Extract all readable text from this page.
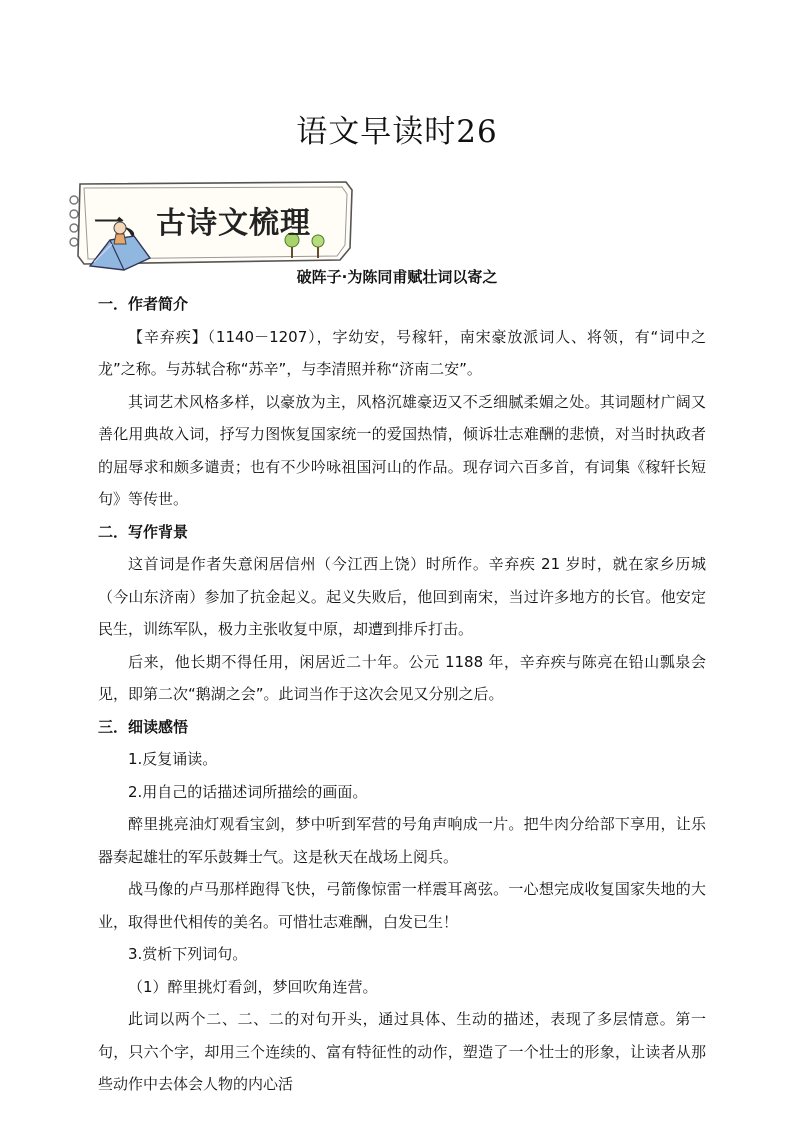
语文早读时26
一、古诗文梳理
破阵子·为陈同甫赋壮词以寄之

一．作者简介

【辛弃疾】（1140－1207），字幼安，号稼轩，南宋豪放派词人、将领，有“词中之龙”之称。与苏轼合称“苏辛”，与李清照并称“济南二安”。

其词艺术风格多样，以豪放为主，风格沉雄豪迈又不乏细腻柔媚之处。其词题材广阔又善化用典故入词，抒写力图恢复国家统一的爱国热情，倾诉壮志难酬的悲愤，对当时执政者的屈辱求和颇多谴责；也有不少吟咏祖国河山的作品。现存词六百多首，有词集《稼轩长短句》等传世。

二．写作背景

这首词是作者失意闲居信州（今江西上饶）时所作。辛弃疾 21 岁时，就在家乡历城（今山东济南）参加了抗金起义。起义失败后，他回到南宋，当过许多地方的长官。他安定民生，训练军队，极力主张收复中原，却遭到排斥打击。

后来，他长期不得任用，闲居近二十年。公元 1188 年，辛弃疾与陈亮在铅山瓢泉会见，即第二次“鹅湖之会”。此词当作于这次会见又分别之后。

三．细读感悟

1.反复诵读。

2.用自己的话描述词所描绘的画面。

醉里挑亮油灯观看宝剑，梦中听到军营的号角声响成一片。把牛肉分给部下享用，让乐器奏起雄壮的军乐鼓舞士气。这是秋天在战场上阅兵。

战马像的卢马那样跑得飞快，弓箭像惊雷一样震耳离弦。一心想完成收复国家失地的大业，取得世代相传的美名。可惜壮志难酬，白发已生！

3.赏析下列词句。

（1）醉里挑灯看剑，梦回吹角连营。

此词以两个二、二、二的对句开头，通过具体、生动的描述，表现了多层情意。第一句，只六个字，却用三个连续的、富有特征性的动作，塑造了一个壮士的形象，让读者从那些动作中去体会人物的内心活
